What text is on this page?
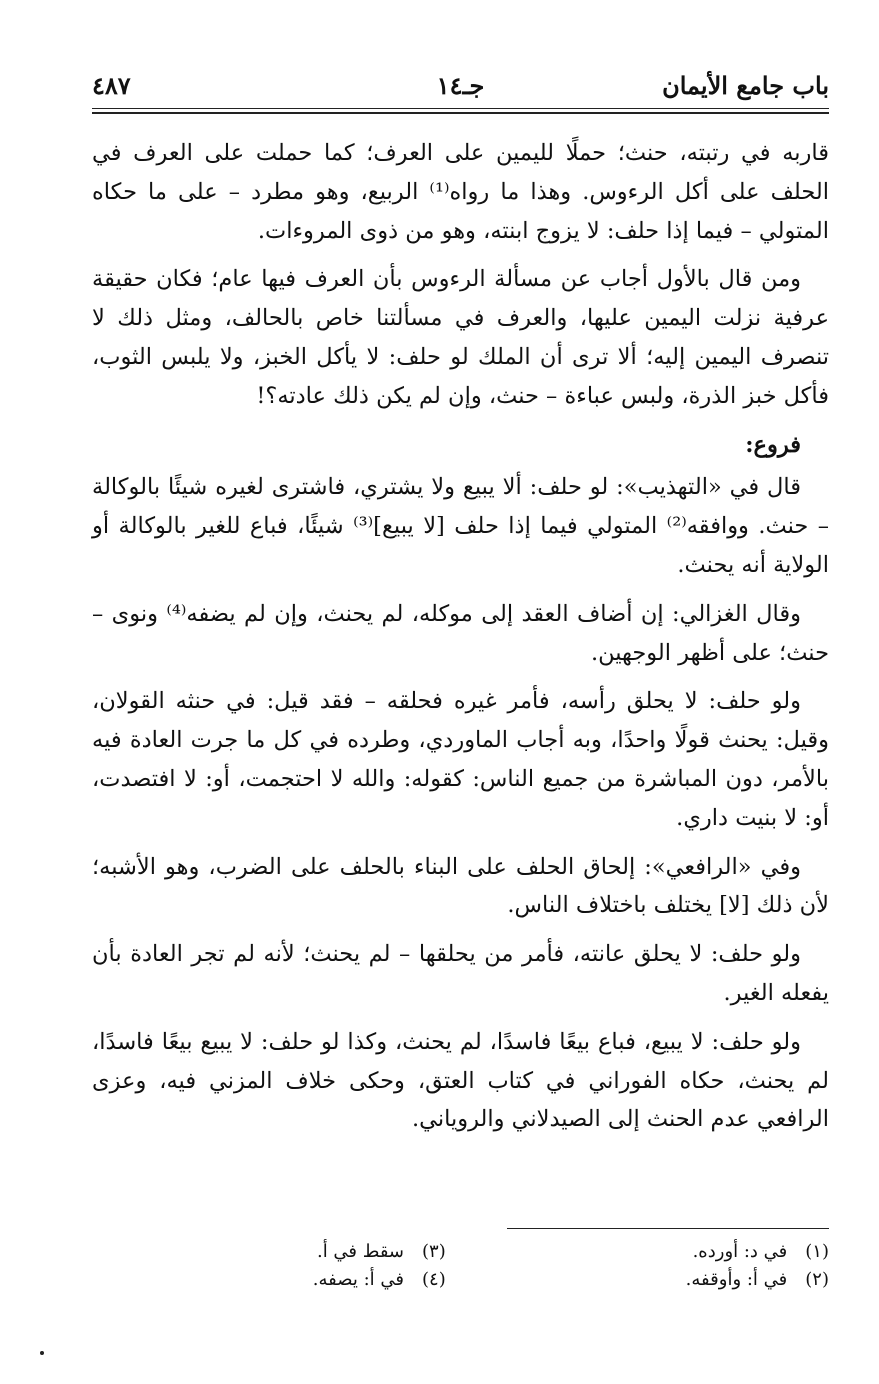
باب جامع الأيمان
جـ١٤
٤٨٧

قاربه في رتبته، حنث؛ حملًا لليمين على العرف؛ كما حملت على العرف في الحلف على أكل الرءوس. وهذا ما رواه⁽¹⁾ الربيع، وهو مطرد – على ما حكاه المتولي – فيما إذا حلف: لا يزوج ابنته، وهو من ذوى المروءات.

ومن قال بالأول أجاب عن مسألة الرءوس بأن العرف فيها عام؛ فكان حقيقة عرفية نزلت اليمين عليها، والعرف في مسألتنا خاص بالحالف، ومثل ذلك لا تنصرف اليمين إليه؛ ألا ترى أن الملك لو حلف: لا يأكل الخبز، ولا يلبس الثوب، فأكل خبز الذرة، ولبس عباءة – حنث، وإن لم يكن ذلك عادته؟!

فروع:

قال في «التهذيب»: لو حلف: ألا يبيع ولا يشتري، فاشترى لغيره شيئًا بالوكالة – حنث. ووافقه⁽²⁾ المتولي فيما إذا حلف [لا يبيع]⁽³⁾ شيئًا، فباع للغير بالوكالة أو الولاية أنه يحنث.

وقال الغزالي: إن أضاف العقد إلى موكله، لم يحنث، وإن لم يضفه⁽⁴⁾ ونوى – حنث؛ على أظهر الوجهين.

ولو حلف: لا يحلق رأسه، فأمر غيره فحلقه – فقد قيل: في حنثه القولان، وقيل: يحنث قولًا واحدًا، وبه أجاب الماوردي، وطرده في كل ما جرت العادة فيه بالأمر، دون المباشرة من جميع الناس: كقوله: والله لا احتجمت، أو: لا افتصدت، أو: لا بنيت داري.

وفي «الرافعي»: إلحاق الحلف على البناء بالحلف على الضرب، وهو الأشبه؛ لأن ذلك [لا] يختلف باختلاف الناس.

ولو حلف: لا يحلق عانته، فأمر من يحلقها – لم يحنث؛ لأنه لم تجر العادة بأن يفعله الغير.

ولو حلف: لا يبيع، فباع بيعًا فاسدًا، لم يحنث، وكذا لو حلف: لا يبيع بيعًا فاسدًا، لم يحنث، حكاه الفوراني في كتاب العتق، وحكى خلاف المزني فيه، وعزى الرافعي عدم الحنث إلى الصيدلاني والروياني.

(١) في د: أورده.
(٢) في أ: وأوقفه.
(٣) سقط في أ.
(٤) في أ: يصفه.
